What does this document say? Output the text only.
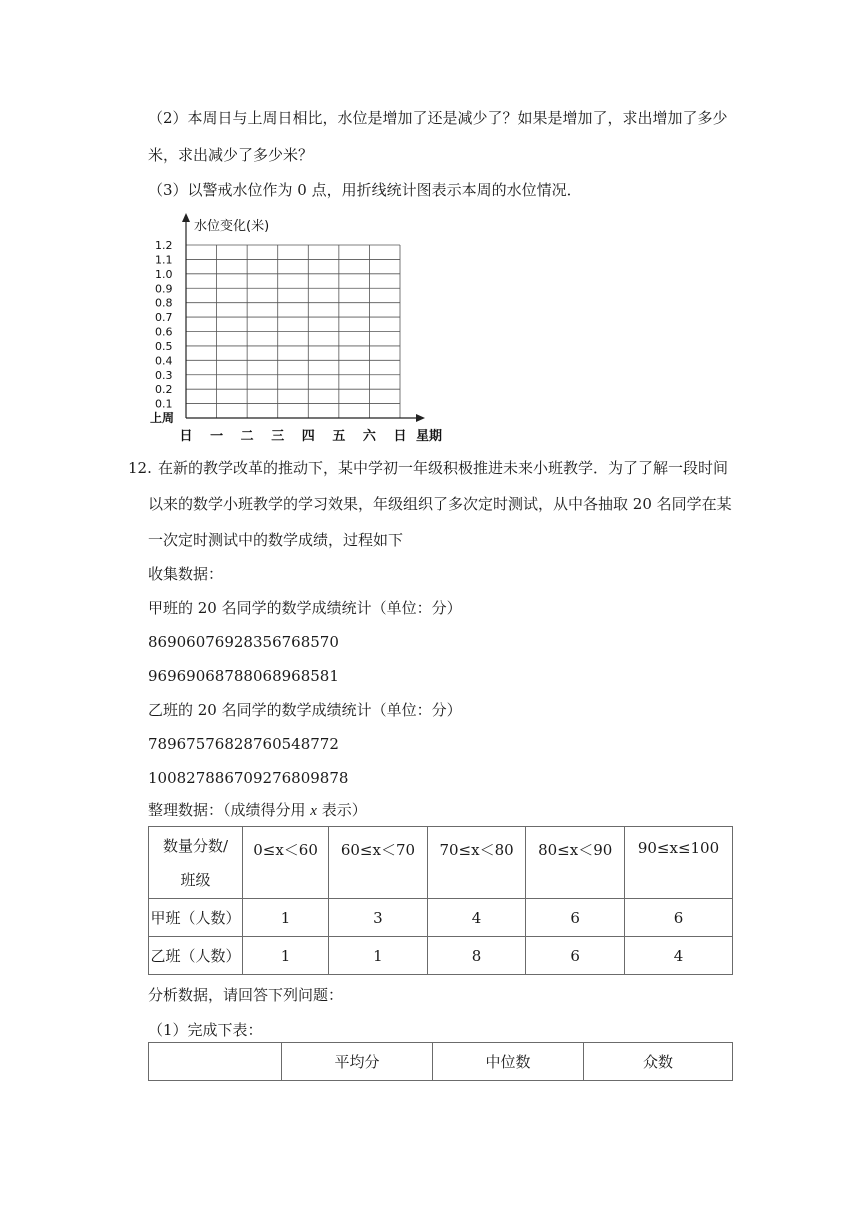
（2）本周日与上周日相比，水位是增加了还是减少了？如果是增加了，求出增加了多少
米，求出减少了多少米？
（3）以警戒水位作为 0 点，用折线统计图表示本周的水位情况．
水位变化(米)
1.2
1.1
1.0
0.9
0.8
0.7
0.6
0.5
0.4
0.3
0.2
0.1
上周
日 一 二 三 四 五 六 日 星期
12. 在新的教学改革的推动下，某中学初一年级积极推进未来小班教学．为了了解一段时间
以来的数学小班教学的学习效果，年级组织了多次定时测试，从中各抽取 20 名同学在某
一次定时测试中的数学成绩，过程如下
收集数据：
甲班的 20 名同学的数学成绩统计（单位：分）
86906076928356768570
96969068788068968581
乙班的 20 名同学的数学成绩统计（单位：分）
78967576828760548772
100827886709276809878
整理数据：（成绩得分用 x 表示）
数量分数/
班级	0≤x＜60	60≤x＜70	70≤x＜80	80≤x＜90	90≤x≤100
甲班（人数）	1	3	4	6	6
乙班（人数）	1	1	8	6	4
分析数据，请回答下列问题：
（1）完成下表：
	平均分	中位数	众数
